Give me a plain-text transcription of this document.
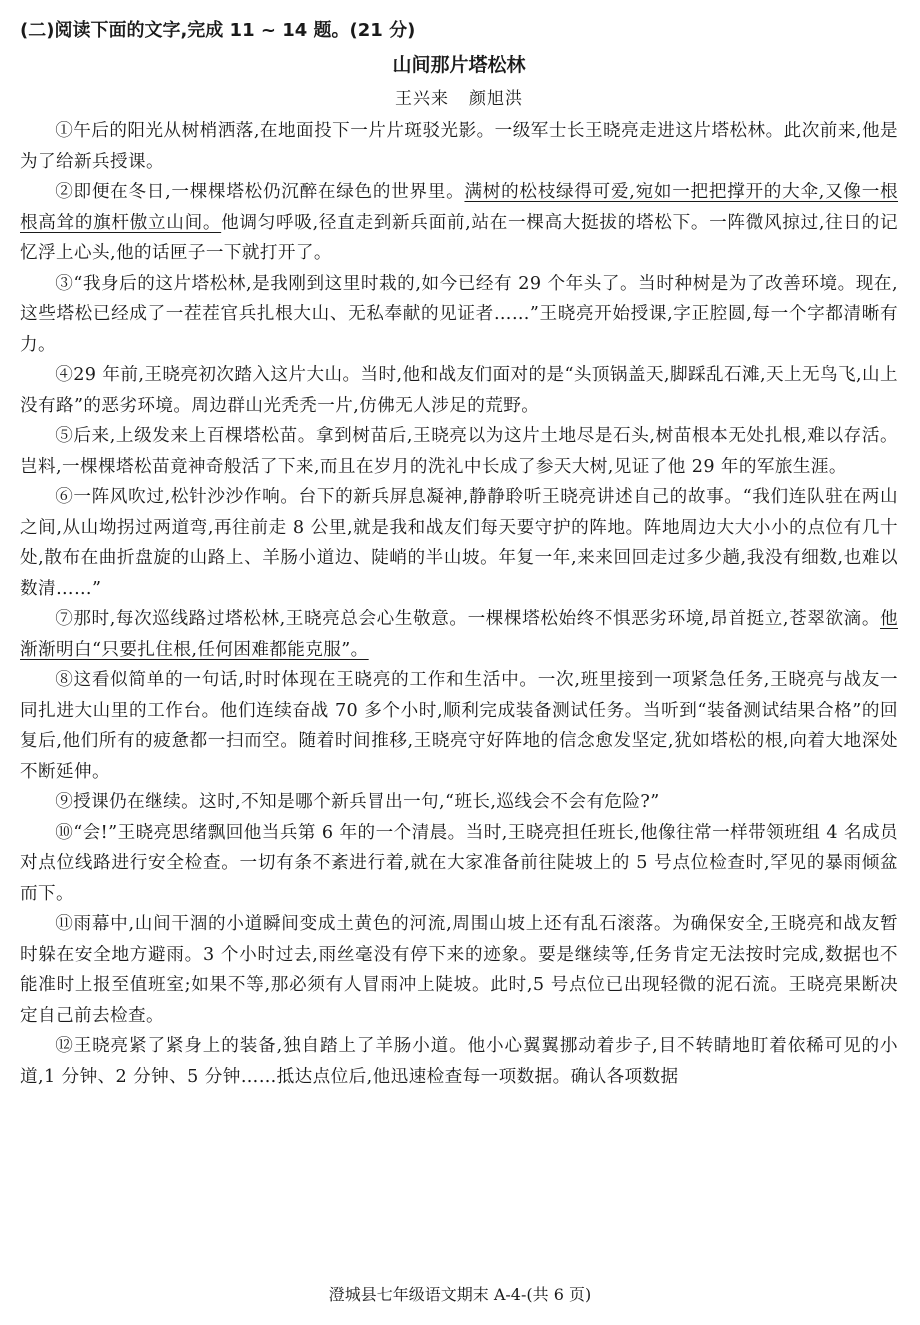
(二)阅读下面的文字,完成 11 ~ 14 题。(21 分)

山间那片塔松林

王兴来 颜旭洪

①午后的阳光从树梢洒落,在地面投下一片片斑驳光影。一级军士长王晓亮走进这片塔松林。此次前来,他是为了给新兵授课。

②即便在冬日,一棵棵塔松仍沉醉在绿色的世界里。满树的松枝绿得可爱,宛如一把把撑开的大伞,又像一根根高耸的旗杆傲立山间。他调匀呼吸,径直走到新兵面前,站在一棵高大挺拔的塔松下。一阵微风掠过,往日的记忆浮上心头,他的话匣子一下就打开了。

③“我身后的这片塔松林,是我刚到这里时栽的,如今已经有 29 个年头了。当时种树是为了改善环境。现在,这些塔松已经成了一茬茬官兵扎根大山、无私奉献的见证者……”王晓亮开始授课,字正腔圆,每一个字都清晰有力。

④29 年前,王晓亮初次踏入这片大山。当时,他和战友们面对的是“头顶锅盖天,脚踩乱石滩,天上无鸟飞,山上没有路”的恶劣环境。周边群山光秃秃一片,仿佛无人涉足的荒野。

⑤后来,上级发来上百棵塔松苗。拿到树苗后,王晓亮以为这片土地尽是石头,树苗根本无处扎根,难以存活。岂料,一棵棵塔松苗竟神奇般活了下来,而且在岁月的洗礼中长成了参天大树,见证了他 29 年的军旅生涯。

⑥一阵风吹过,松针沙沙作响。台下的新兵屏息凝神,静静聆听王晓亮讲述自己的故事。“我们连队驻在两山之间,从山坳拐过两道弯,再往前走 8 公里,就是我和战友们每天要守护的阵地。阵地周边大大小小的点位有几十处,散布在曲折盘旋的山路上、羊肠小道边、陡峭的半山坡。年复一年,来来回回走过多少趟,我没有细数,也难以数清……”

⑦那时,每次巡线路过塔松林,王晓亮总会心生敬意。一棵棵塔松始终不惧恶劣环境,昂首挺立,苍翠欲滴。他渐渐明白“只要扎住根,任何困难都能克服”。

⑧这看似简单的一句话,时时体现在王晓亮的工作和生活中。一次,班里接到一项紧急任务,王晓亮与战友一同扎进大山里的工作台。他们连续奋战 70 多个小时,顺利完成装备测试任务。当听到“装备测试结果合格”的回复后,他们所有的疲惫都一扫而空。随着时间推移,王晓亮守好阵地的信念愈发坚定,犹如塔松的根,向着大地深处不断延伸。

⑨授课仍在继续。这时,不知是哪个新兵冒出一句,“班长,巡线会不会有危险?”

⑩“会!”王晓亮思绪飘回他当兵第 6 年的一个清晨。当时,王晓亮担任班长,他像往常一样带领班组 4 名成员对点位线路进行安全检查。一切有条不紊进行着,就在大家准备前往陡坡上的 5 号点位检查时,罕见的暴雨倾盆而下。

⑪雨幕中,山间干涸的小道瞬间变成土黄色的河流,周围山坡上还有乱石滚落。为确保安全,王晓亮和战友暂时躲在安全地方避雨。3 个小时过去,雨丝毫没有停下来的迹象。要是继续等,任务肯定无法按时完成,数据也不能准时上报至值班室;如果不等,那必须有人冒雨冲上陡坡。此时,5 号点位已出现轻微的泥石流。王晓亮果断决定自己前去检查。

⑫王晓亮紧了紧身上的装备,独自踏上了羊肠小道。他小心翼翼挪动着步子,目不转睛地盯着依稀可见的小道,1 分钟、2 分钟、5 分钟……抵达点位后,他迅速检查每一项数据。确认各项数据

澄城县七年级语文期末 A-4-(共 6 页)
